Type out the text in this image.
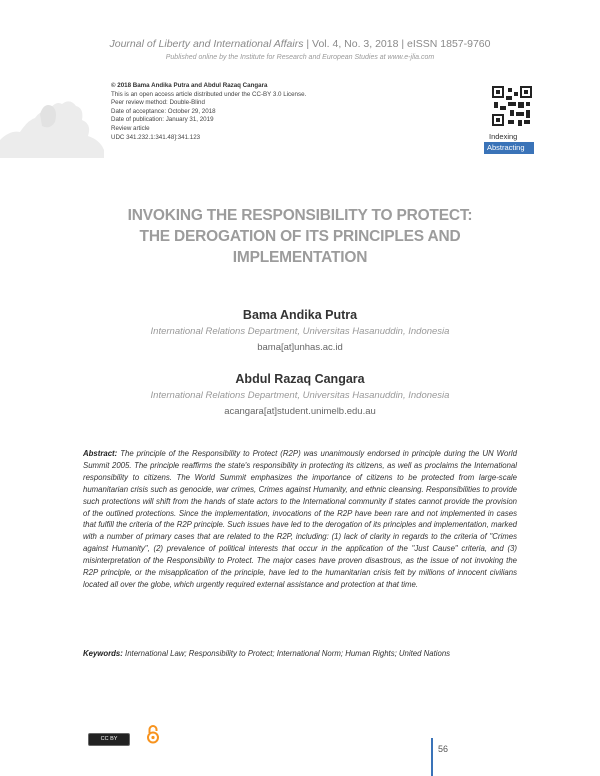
Journal of Liberty and International Affairs | Vol. 4, No. 3, 2018 | eISSN 1857-9760
Published online by the Institute for Research and European Studies at www.e-jlia.com
© 2018 Bama Andika Putra and Abdul Razaq Cangara
This is an open access article distributed under the CC-BY 3.0 License.
Peer review method: Double-Blind
Date of acceptance: October 29, 2018
Date of publication: January 31, 2019
Review article
UDC 341.232.1:341.48]:341.123	Indexing
Abstracting
INVOKING THE RESPONSIBILITY TO PROTECT:
THE DEROGATION OF ITS PRINCIPLES AND
IMPLEMENTATION
Bama Andika Putra
International Relations Department, Universitas Hasanuddin, Indonesia
bama[at]unhas.ac.id
Abdul Razaq Cangara
International Relations Department, Universitas Hasanuddin, Indonesia
acangara[at]student.unimelb.edu.au

Abstract: The principle of the Responsibility to Protect (R2P) was unanimously endorsed in principle during the UN World Summit 2005. The principle reaffirms the state's responsibility in protecting its citizens, as well as proclaims the International responsibility to citizens. The World Summit emphasizes the importance of citizens to be protected from large-scale humanitarian crisis such as genocide, war crimes, Crimes against Humanity, and ethnic cleansing. Responsibilities to provide such protections will shift from the hands of state actors to the International community if states cannot provide the provision of the outlined protections. Since the implementation, invocations of the R2P have been rare and not implemented in cases that fulfill the criteria of the R2P principle. Such issues have led to the derogation of its principles and implementation, marked with a number of primary cases that are related to the R2P, including: (1) lack of clarity in regards to the criteria of "Crimes against Humanity", (2) prevalence of political interests that occur in the application of the "Just Cause" criteria, and (3) misinterpretation of the Responsibility to Protect. The major cases have proven disastrous, as the issue of not invoking the R2P principle, or the misapplication of the principle, have led to the humanitarian crisis felt by millions of innocent civilians located all over the globe, which urgently required external assistance and protection at that time.

Keywords: International Law; Responsibility to Protect; International Norm; Human Rights; United Nations

CC BY
56
